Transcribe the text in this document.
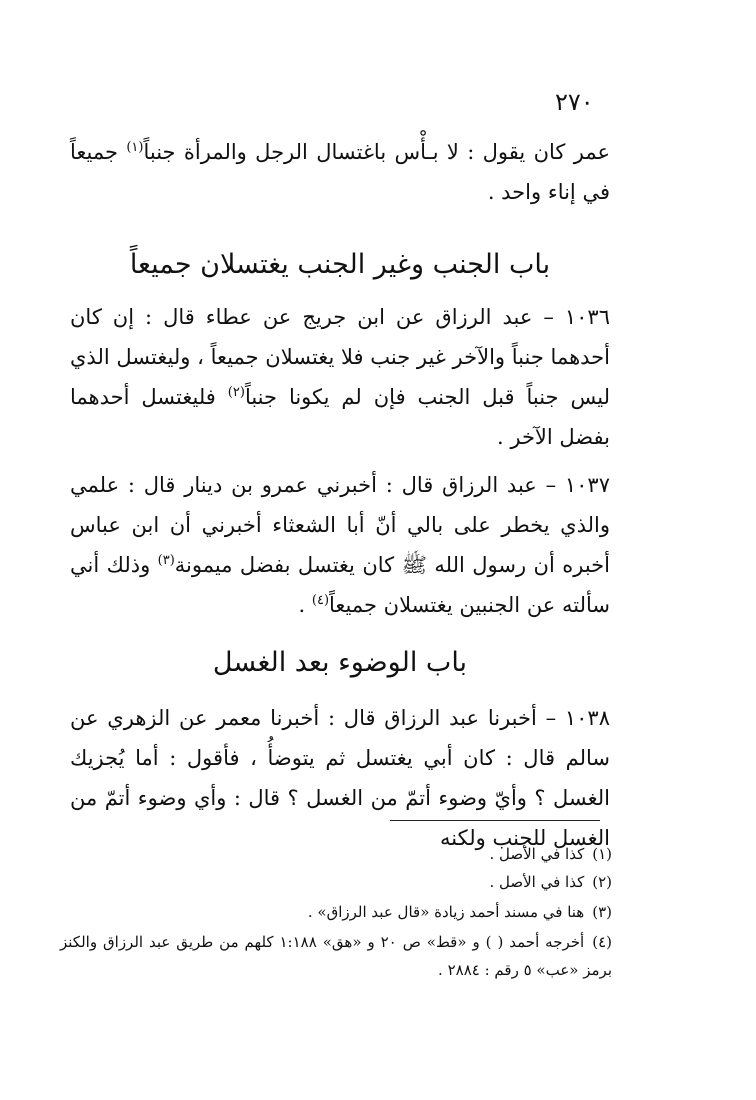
٢٧٠

عمر كان يقول : لا بـأْس باغتسال الرجل والمرأة جنباً$^{(١)}$ جميعاً في إناء واحد .

باب الجنب وغير الجنب يغتسلان جميعاً

١٠٣٦ – عبد الرزاق عن ابن جريج عن عطاء قال : إن كان أحدهما جنباً والآخر غير جنب فلا يغتسلان جميعاً ، وليغتسل الذي ليس جنباً قبل الجنب فإن لم يكونا جنباً$^{(٢)}$ فليغتسل أحدهما بفضل الآخر .

١٠٣٧ – عبد الرزاق قال : أخبرني عمرو بن دينار قال : علمي والذي يخطر على بالي أنّ أبا الشعثاء أخبرني أن ابن عباس أخبره أن رسول الله ﷺ كان يغتسل بفضل ميمونة$^{(٣)}$ وذلك أني سألته عن الجنبين يغتسلان جميعاً$^{(٤)}$ .

باب الوضوء بعد الغسل

١٠٣٨ – أخبرنا عبد الرزاق قال : أخبرنا معمر عن الزهري عن سالم قال : كان أبي يغتسل ثم يتوضأُ ، فأقول : أما يُجزيك الغسل ؟ وأيّ وضوء أتمّ من الغسل ؟ قال : وأي وضوء أتمّ من الغسل للجنب ولكنه

(١)كذا في الأصل .
(٢)كذا في الأصل .
(٣)هنا في مسند أحمد زيادة «قال عبد الرزاق» .
(٤)أخرجه أحمد ( ) و «قط» ص ٢٠ و «هق» ١:١٨٨ كلهم من طريق عبد الرزاق والكنز برمز «عب» ٥ رقم : ٢٨٨٤ .
